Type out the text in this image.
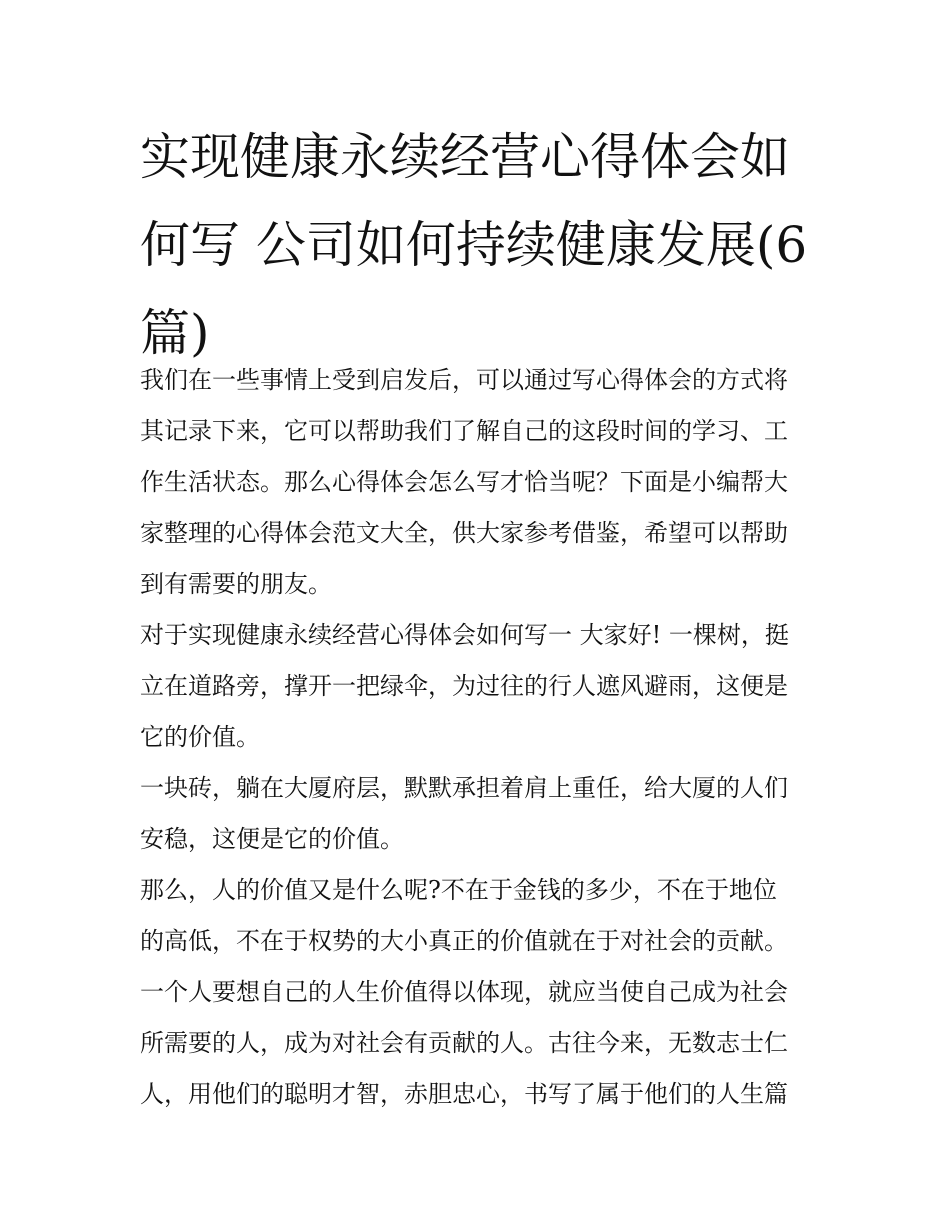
实现健康永续经营心得体会如
何写 公司如何持续健康发展(6
篇)
我们在一些事情上受到启发后，可以通过写心得体会的方式将
其记录下来，它可以帮助我们了解自己的这段时间的学习、工
作生活状态。那么心得体会怎么写才恰当呢？下面是小编帮大
家整理的心得体会范文大全，供大家参考借鉴，希望可以帮助
到有需要的朋友。
对于实现健康永续经营心得体会如何写一 大家好! 一棵树，挺
立在道路旁，撑开一把绿伞，为过往的行人遮风避雨，这便是
它的价值。
一块砖，躺在大厦府层，默默承担着肩上重任，给大厦的人们
安稳，这便是它的价值。
那么，人的价值又是什么呢?不在于金钱的多少，不在于地位
的高低，不在于权势的大小真正的价值就在于对社会的贡献。
一个人要想自己的人生价值得以体现，就应当使自己成为社会
所需要的人，成为对社会有贡献的人。古往今来，无数志士仁
人，用他们的聪明才智，赤胆忠心，书写了属于他们的人生篇
